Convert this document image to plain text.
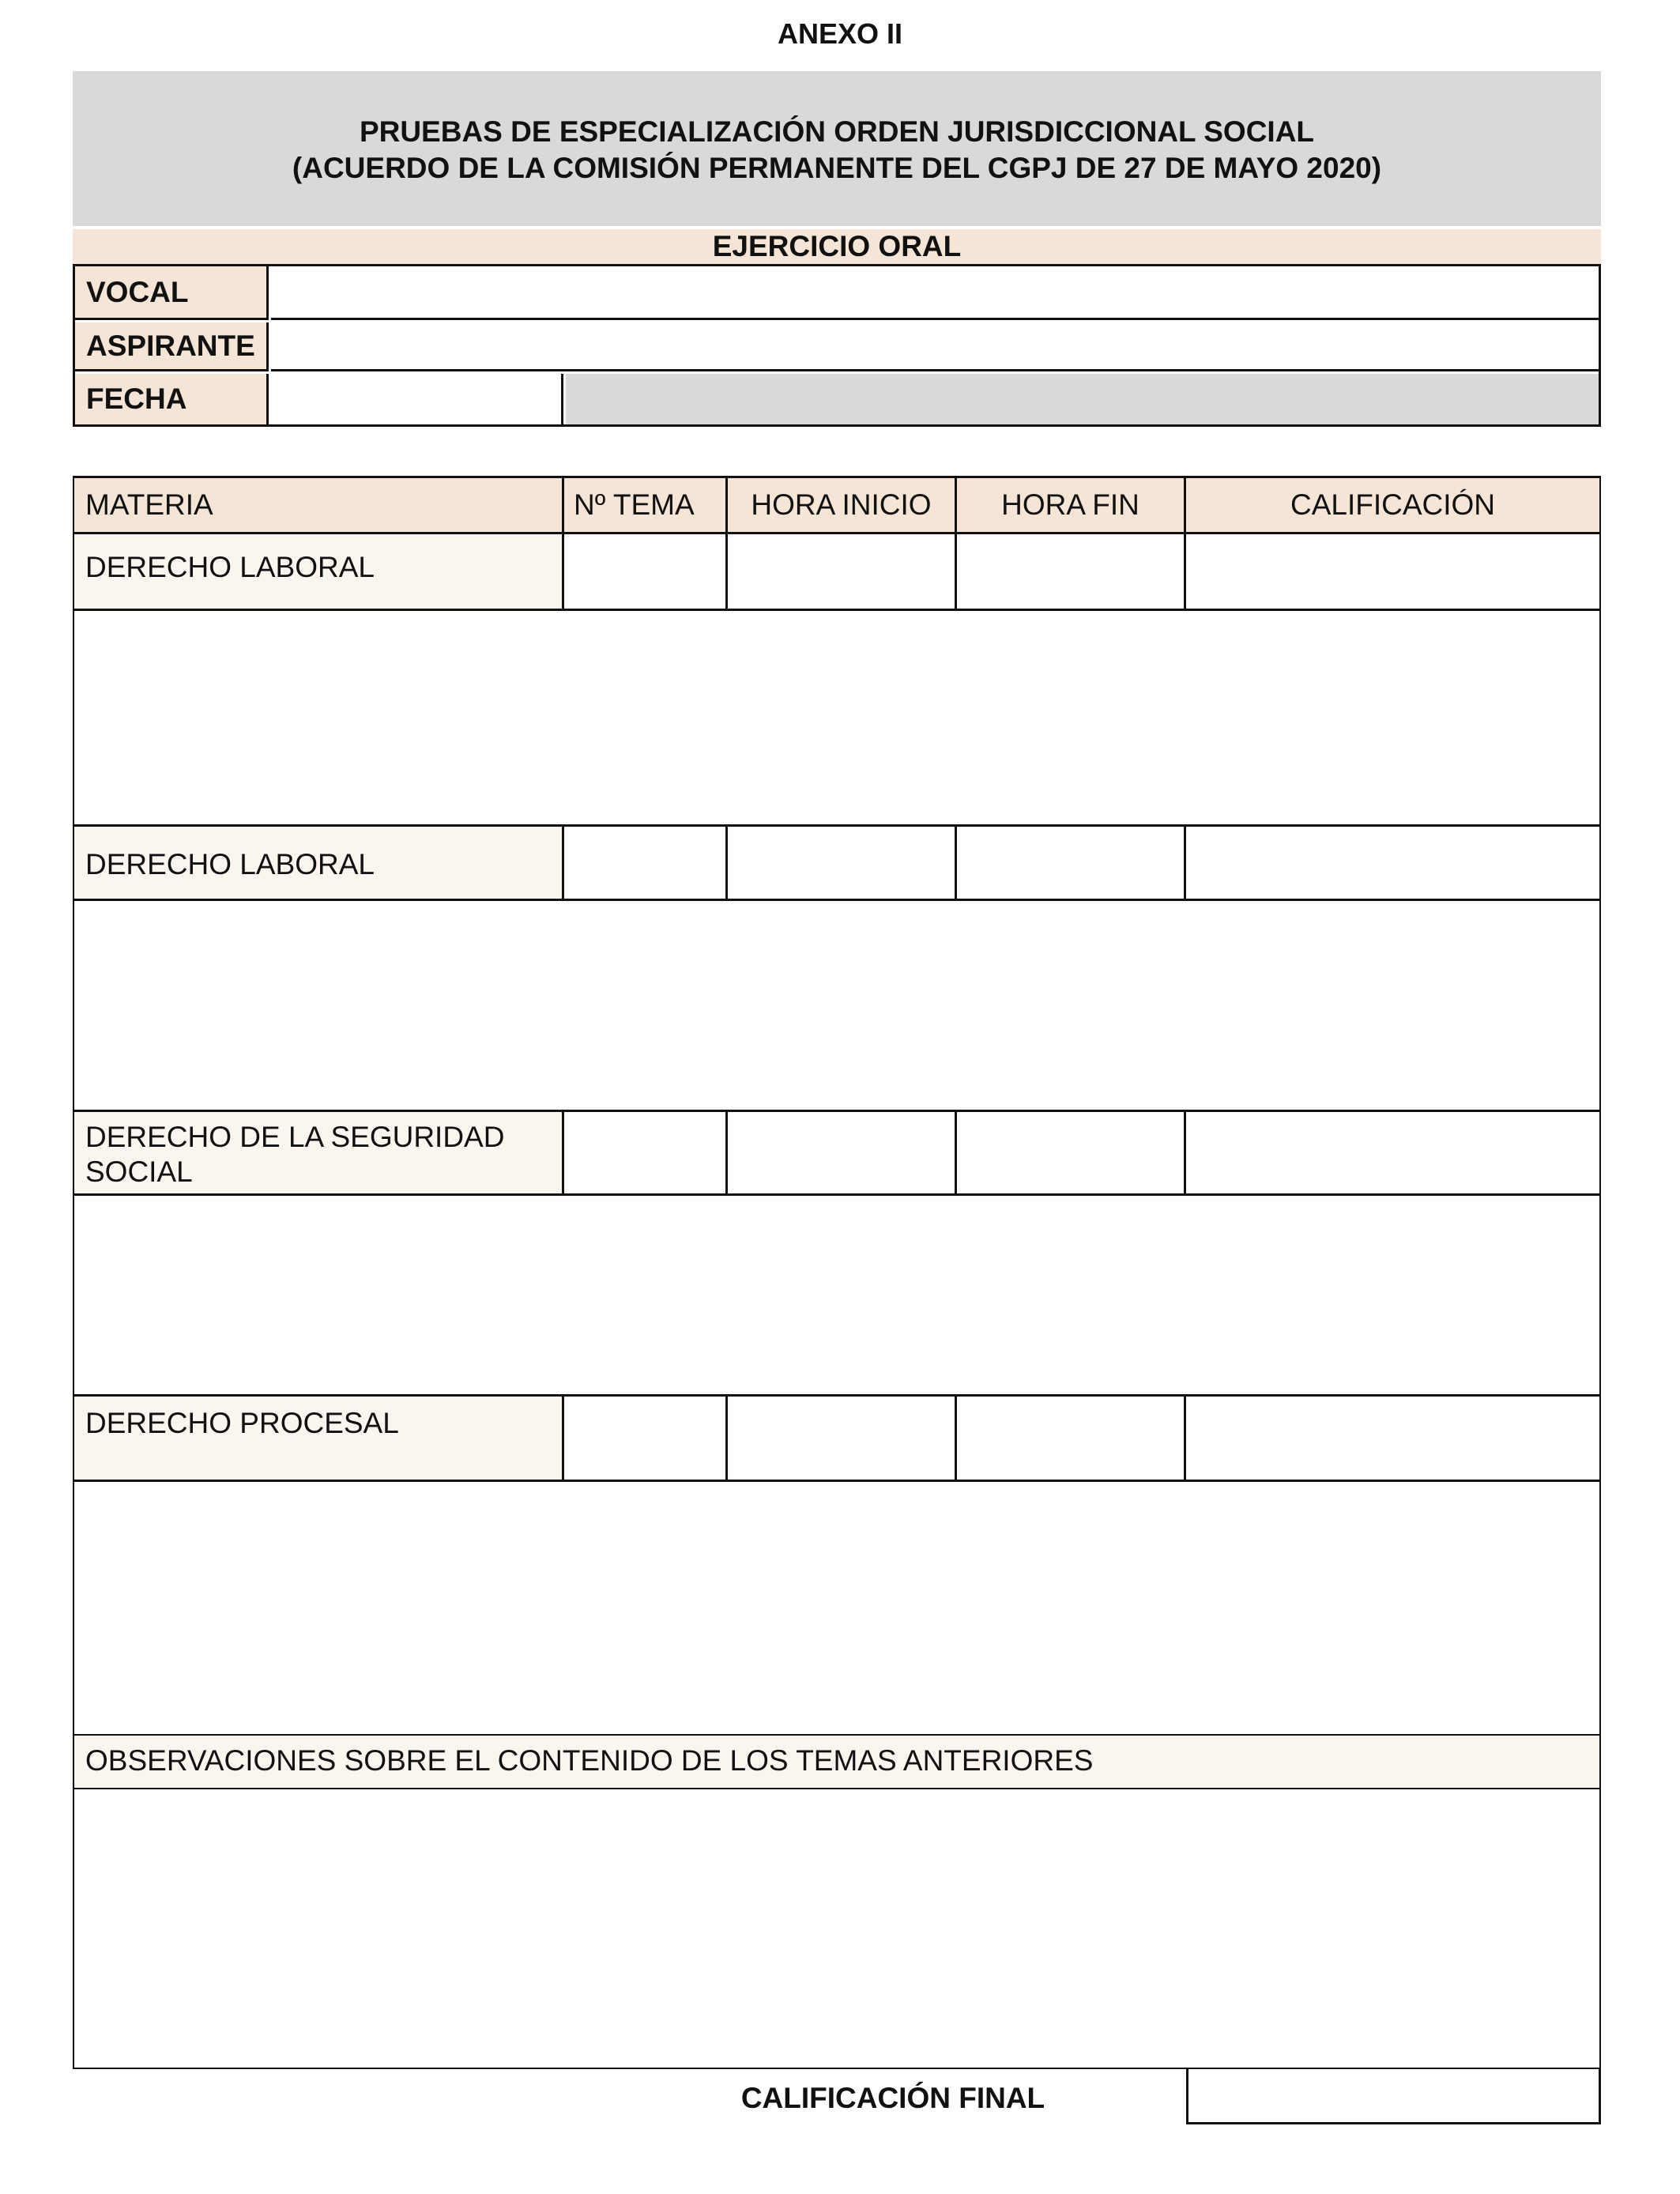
ANEXO II
PRUEBAS DE ESPECIALIZACIÓN ORDEN JURISDICCIONAL SOCIAL
(ACUERDO DE LA COMISIÓN PERMANENTE DEL CGPJ DE 27 DE MAYO 2020)
EJERCICIO ORAL
VOCAL
ASPIRANTE
FECHA
MATERIA	Nº TEMA HORA INICIO HORA FIN	CALIFICACIÓN
DERECHO LABORAL
DERECHO LABORAL
DERECHO DE LA SEGURIDAD SOCIAL
DERECHO PROCESAL
OBSERVACIONES SOBRE EL CONTENIDO DE LOS TEMAS ANTERIORES
CALIFICACIÓN FINAL
